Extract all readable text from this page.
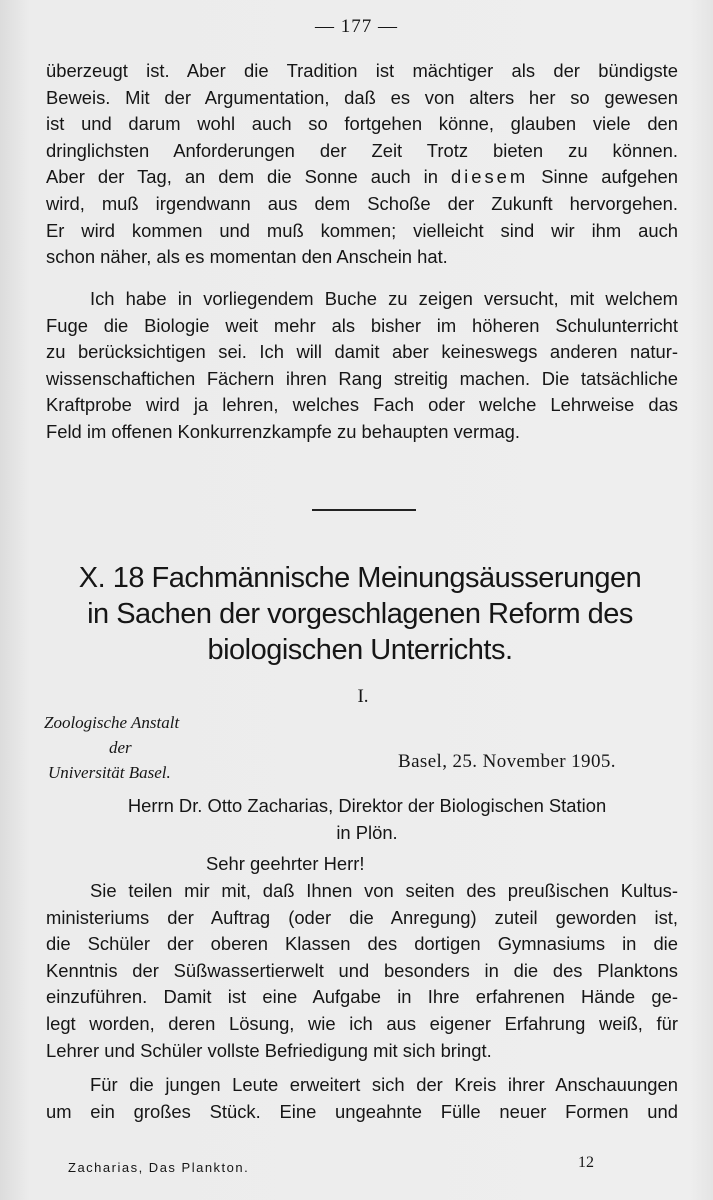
— 177 —
überzeugt ist. Aber die Tradition ist mächtiger als der bündigste
Beweis. Mit der Argumentation, daß es von alters her so gewesen
ist und darum wohl auch so fortgehen könne, glauben viele den
dringlichsten Anforderungen der Zeit Trotz bieten zu können.
Aber der Tag, an dem die Sonne auch in diesem Sinne aufgehen
wird, muß irgendwann aus dem Schoße der Zukunft hervorgehen.
Er wird kommen und muß kommen; vielleicht sind wir ihm auch
schon näher, als es momentan den Anschein hat.
Ich habe in vorliegendem Buche zu zeigen versucht, mit welchem
Fuge die Biologie weit mehr als bisher im höheren Schulunterricht
zu berücksichtigen sei. Ich will damit aber keineswegs anderen natur-
wissenschaftichen Fächern ihren Rang streitig machen. Die tatsächliche
Kraftprobe wird ja lehren, welches Fach oder welche Lehrweise das
Feld im offenen Konkurrenzkampfe zu behaupten vermag.
X. 18 Fachmännische Meinungsäusserungen
in Sachen der vorgeschlagenen Reform des
biologischen Unterrichts.
I.
Zoologische Anstalt
der
Universität Basel.
Basel, 25. November 1905.
Herrn Dr. Otto Zacharias, Direktor der Biologischen Station
in Plön.
Sehr geehrter Herr!
Sie teilen mir mit, daß Ihnen von seiten des preußischen Kultus-
ministeriums der Auftrag (oder die Anregung) zuteil geworden ist,
die Schüler der oberen Klassen des dortigen Gymnasiums in die
Kenntnis der Süßwassertierwelt und besonders in die des Planktons
einzuführen. Damit ist eine Aufgabe in Ihre erfahrenen Hände ge-
legt worden, deren Lösung, wie ich aus eigener Erfahrung weiß, für
Lehrer und Schüler vollste Befriedigung mit sich bringt.
Für die jungen Leute erweitert sich der Kreis ihrer Anschauungen
um ein großes Stück. Eine ungeahnte Fülle neuer Formen und
Zacharias, Das Plankton.	12
